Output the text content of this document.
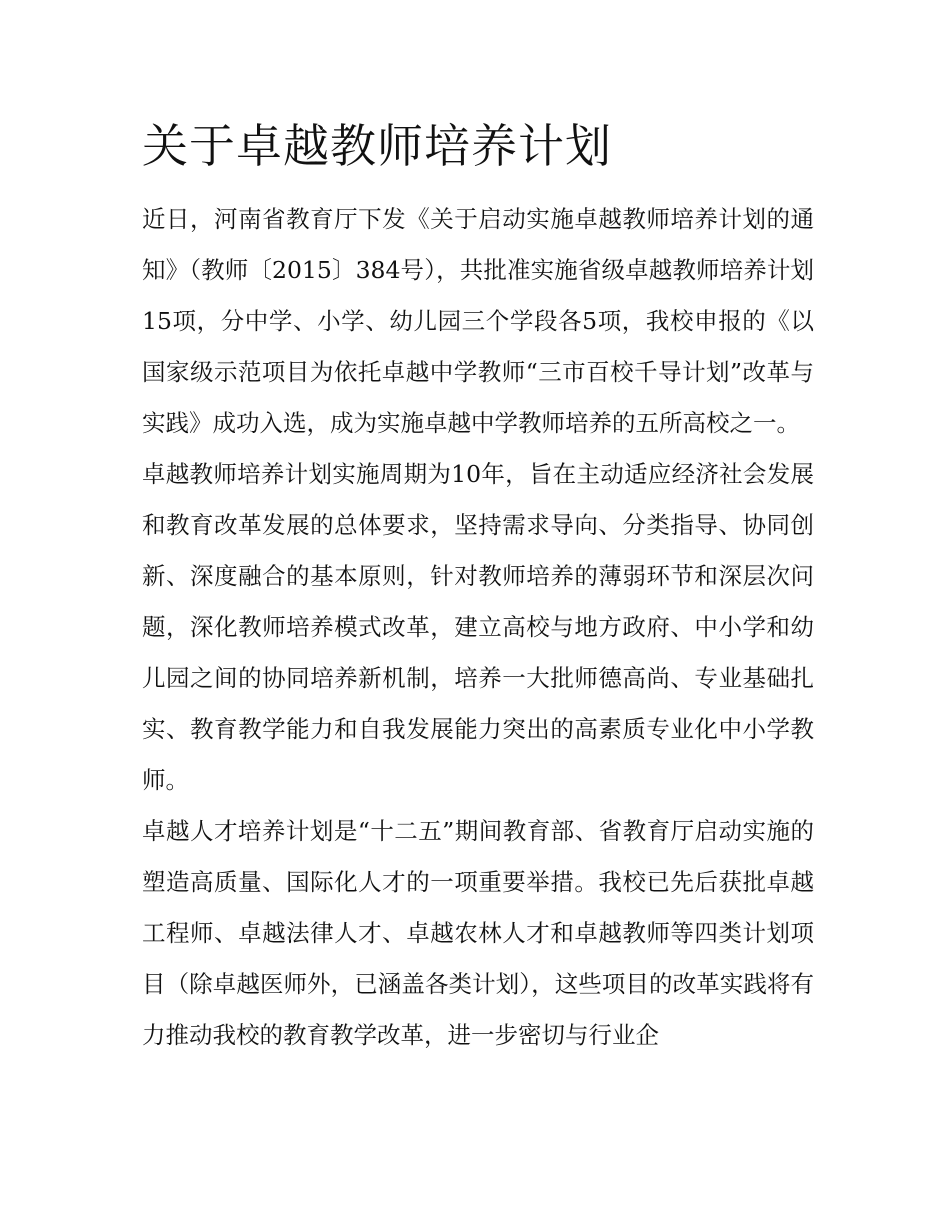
关于卓越教师培养计划

近日，河南省教育厅下发《关于启动实施卓越教师培养计划的通知》（教师〔2015〕384号），共批准实施省级卓越教师培养计划15项，分中学、小学、幼儿园三个学段各5项，我校申报的《以国家级示范项目为依托卓越中学教师“三市百校千导计划”改革与实践》成功入选，成为实施卓越中学教师培养的五所高校之一。

卓越教师培养计划实施周期为10年，旨在主动适应经济社会发展和教育改革发展的总体要求，坚持需求导向、分类指导、协同创新、深度融合的基本原则，针对教师培养的薄弱环节和深层次问题，深化教师培养模式改革，建立高校与地方政府、中小学和幼儿园之间的协同培养新机制，培养一大批师德高尚、专业基础扎实、教育教学能力和自我发展能力突出的高素质专业化中小学教师。

卓越人才培养计划是“十二五”期间教育部、省教育厅启动实施的塑造高质量、国际化人才的一项重要举措。我校已先后获批卓越工程师、卓越法律人才、卓越农林人才和卓越教师等四类计划项目（除卓越医师外，已涵盖各类计划），这些项目的改革实践将有力推动我校的教育教学改革，进一步密切与行业企
